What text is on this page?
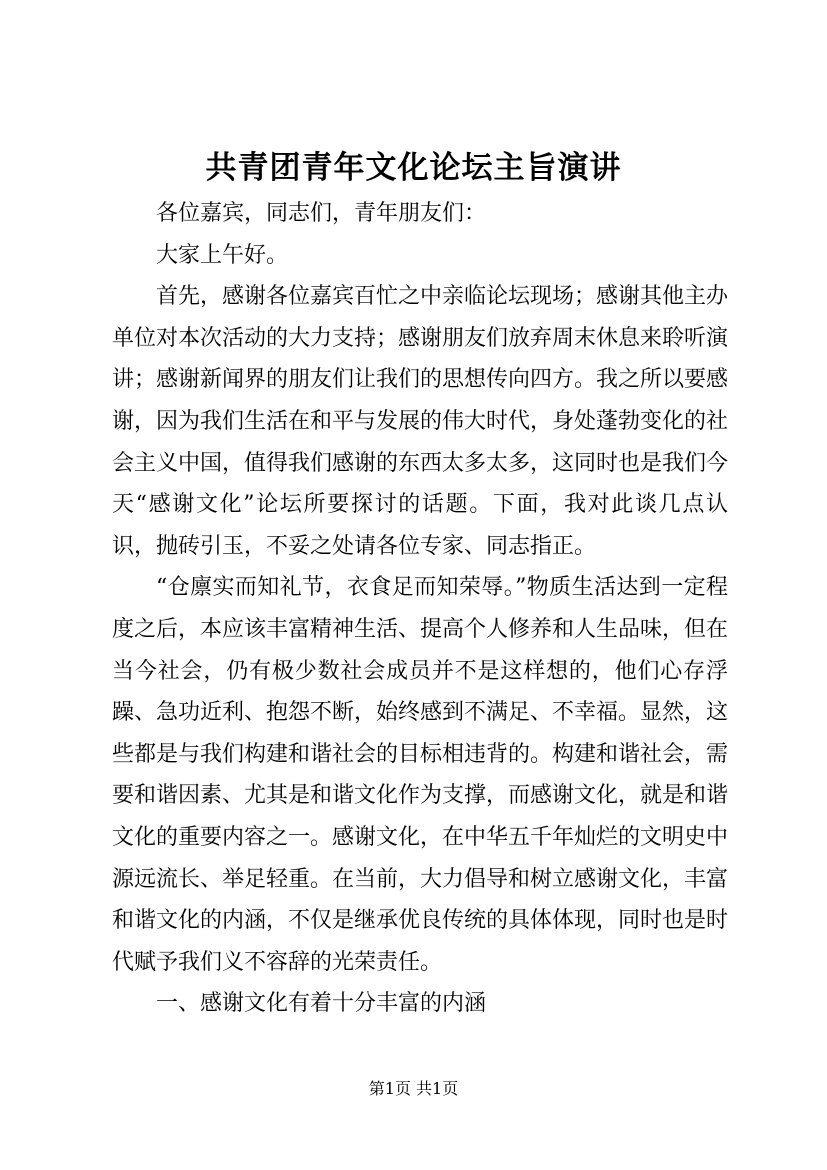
共青团青年文化论坛主旨演讲

各位嘉宾，同志们，青年朋友们：

大家上午好。

首先，感谢各位嘉宾百忙之中亲临论坛现场；感谢其他主办单位对本次活动的大力支持；感谢朋友们放弃周末休息来聆听演讲；感谢新闻界的朋友们让我们的思想传向四方。我之所以要感谢，因为我们生活在和平与发展的伟大时代，身处蓬勃变化的社会主义中国，值得我们感谢的东西太多太多，这同时也是我们今天“感谢文化”论坛所要探讨的话题。下面，我对此谈几点认识，抛砖引玉，不妥之处请各位专家、同志指正。

“仓廪实而知礼节，衣食足而知荣辱。”物质生活达到一定程度之后，本应该丰富精神生活、提高个人修养和人生品味，但在当今社会，仍有极少数社会成员并不是这样想的，他们心存浮躁、急功近利、抱怨不断，始终感到不满足、不幸福。显然，这些都是与我们构建和谐社会的目标相违背的。构建和谐社会，需要和谐因素、尤其是和谐文化作为支撑，而感谢文化，就是和谐文化的重要内容之一。感谢文化，在中华五千年灿烂的文明史中源远流长、举足轻重。在当前，大力倡导和树立感谢文化，丰富和谐文化的内涵，不仅是继承优良传统的具体体现，同时也是时代赋予我们义不容辞的光荣责任。

一、感谢文化有着十分丰富的内涵

第1页 共1页
